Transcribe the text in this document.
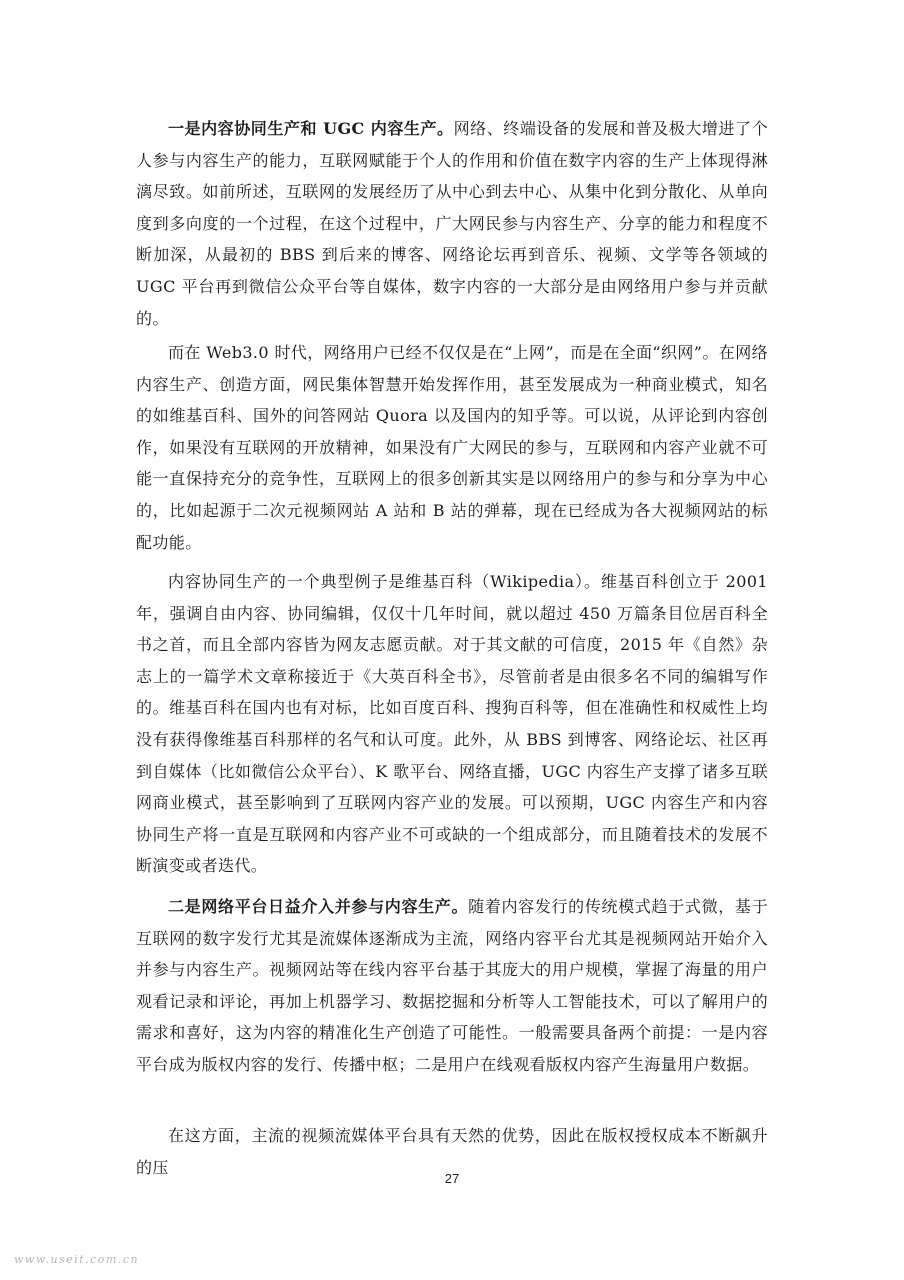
一是内容协同生产和 UGC 内容生产。网络、终端设备的发展和普及极大增进了个人参与内容生产的能力，互联网赋能于个人的作用和价值在数字内容的生产上体现得淋漓尽致。如前所述，互联网的发展经历了从中心到去中心、从集中化到分散化、从单向度到多向度的一个过程，在这个过程中，广大网民参与内容生产、分享的能力和程度不断加深，从最初的 BBS 到后来的博客、网络论坛再到音乐、视频、文学等各领域的 UGC 平台再到微信公众平台等自媒体，数字内容的一大部分是由网络用户参与并贡献的。

而在 Web3.0 时代，网络用户已经不仅仅是在“上网”，而是在全面“织网”。在网络内容生产、创造方面，网民集体智慧开始发挥作用，甚至发展成为一种商业模式，知名的如维基百科、国外的问答网站 Quora 以及国内的知乎等。可以说，从评论到内容创作，如果没有互联网的开放精神，如果没有广大网民的参与，互联网和内容产业就不可能一直保持充分的竞争性，互联网上的很多创新其实是以网络用户的参与和分享为中心的，比如起源于二次元视频网站 A 站和 B 站的弹幕，现在已经成为各大视频网站的标配功能。

内容协同生产的一个典型例子是维基百科（Wikipedia）。维基百科创立于 2001 年，强调自由内容、协同编辑，仅仅十几年时间，就以超过 450 万篇条目位居百科全书之首，而且全部内容皆为网友志愿贡献。对于其文献的可信度，2015 年《自然》杂志上的一篇学术文章称接近于《大英百科全书》，尽管前者是由很多名不同的编辑写作的。维基百科在国内也有对标，比如百度百科、搜狗百科等，但在准确性和权威性上均没有获得像维基百科那样的名气和认可度。此外，从 BBS 到博客、网络论坛、社区再到自媒体（比如微信公众平台）、K 歌平台、网络直播，UGC 内容生产支撑了诸多互联网商业模式，甚至影响到了互联网内容产业的发展。可以预期，UGC 内容生产和内容协同生产将一直是互联网和内容产业不可或缺的一个组成部分，而且随着技术的发展不断演变或者迭代。

二是网络平台日益介入并参与内容生产。随着内容发行的传统模式趋于式微，基于互联网的数字发行尤其是流媒体逐渐成为主流，网络内容平台尤其是视频网站开始介入并参与内容生产。视频网站等在线内容平台基于其庞大的用户规模，掌握了海量的用户观看记录和评论，再加上机器学习、数据挖掘和分析等人工智能技术，可以了解用户的需求和喜好，这为内容的精准化生产创造了可能性。一般需要具备两个前提：一是内容平台成为版权内容的发行、传播中枢；二是用户在线观看版权内容产生海量用户数据。

在这方面，主流的视频流媒体平台具有天然的优势，因此在版权授权成本不断飙升的压

27
www.useit.com.cn
